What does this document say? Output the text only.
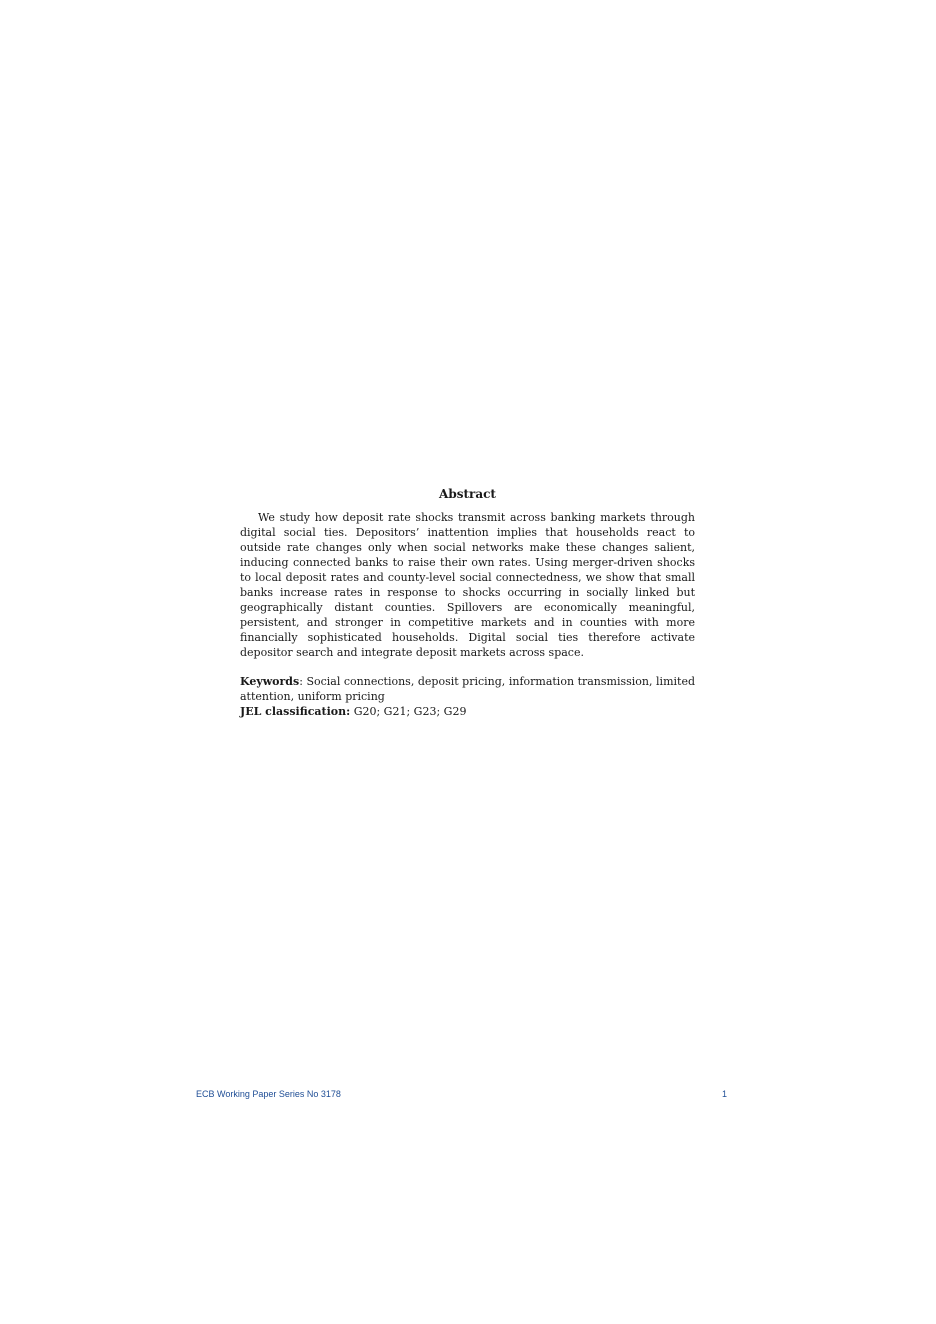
Abstract

We study how deposit rate shocks transmit across banking markets through digital social ties. Depositors’ inattention implies that households react to outside rate changes only when social networks make these changes salient, inducing connected banks to raise their own rates. Using merger-driven shocks to local deposit rates and county-level social connectedness, we show that small banks increase rates in response to shocks occurring in socially linked but geographically distant counties. Spillovers are economically meaningful, persistent, and stronger in competitive markets and in counties with more financially sophisticated households. Digital social ties therefore activate depositor search and integrate deposit markets across space.

Keywords: Social connections, deposit pricing, information transmission, limited attention, uniform pricing
JEL classification: G20; G21; G23; G29
ECB Working Paper Series No 3178	1
